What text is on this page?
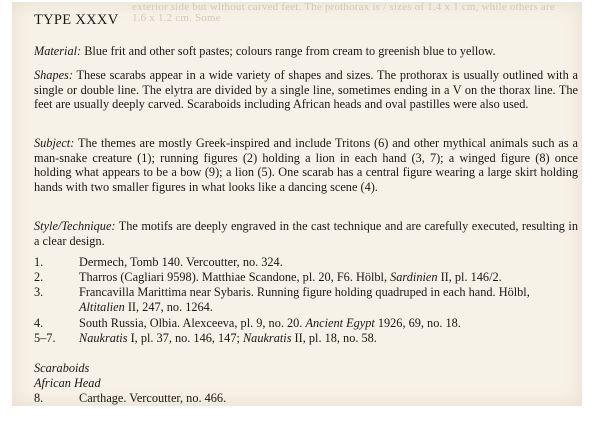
exterior side but without carved feet. The prothorax is / sizes of 1.4 x 1 cm, while others are 1.6 x 1.2 cm. Some
TYPE XXXV
Material: Blue frit and other soft pastes; colours range from cream to greenish blue to yellow.
Shapes: These scarabs appear in a wide variety of shapes and sizes. The prothorax is usually outlined with a single or double line. The elytra are divided by a single line, sometimes ending in a V on the thorax line. The feet are usually deeply carved. Scaraboids including African heads and oval pastilles were also used.
Subject: The themes are mostly Greek-inspired and include Tritons (6) and other mythical animals such as a man-snake creature (1); running figures (2) holding a lion in each hand (3, 7); a winged figure (8) once holding what appears to be a bow (9); a lion (5). One scarab has a central figure wearing a large skirt holding hands with two smaller figures in what looks like a dancing scene (4).
Style/Technique: The motifs are deeply engraved in the cast technique and are carefully executed, resulting in a clear design.
1.	Dermech, Tomb 140. Vercoutter, no. 324.
2.	Tharros (Cagliari 9598). Matthiae Scandone, pl. 20, F6. Hölbl, Sardinien II, pl. 146/2.
3.	Francavilla Marittima near Sybaris. Running figure holding quadruped in each hand. Hölbl, Altitalien II, 247, no. 1264.
4.	South Russia, Olbia. Alexceeva, pl. 9, no. 20. Ancient Egypt 1926, 69, no. 18.
5–7. Naukratis I, pl. 37, no. 146, 147; Naukratis II, pl. 18, no. 58.
Scaraboids
African Head
8.	Carthage. Vercoutter, no. 466.
